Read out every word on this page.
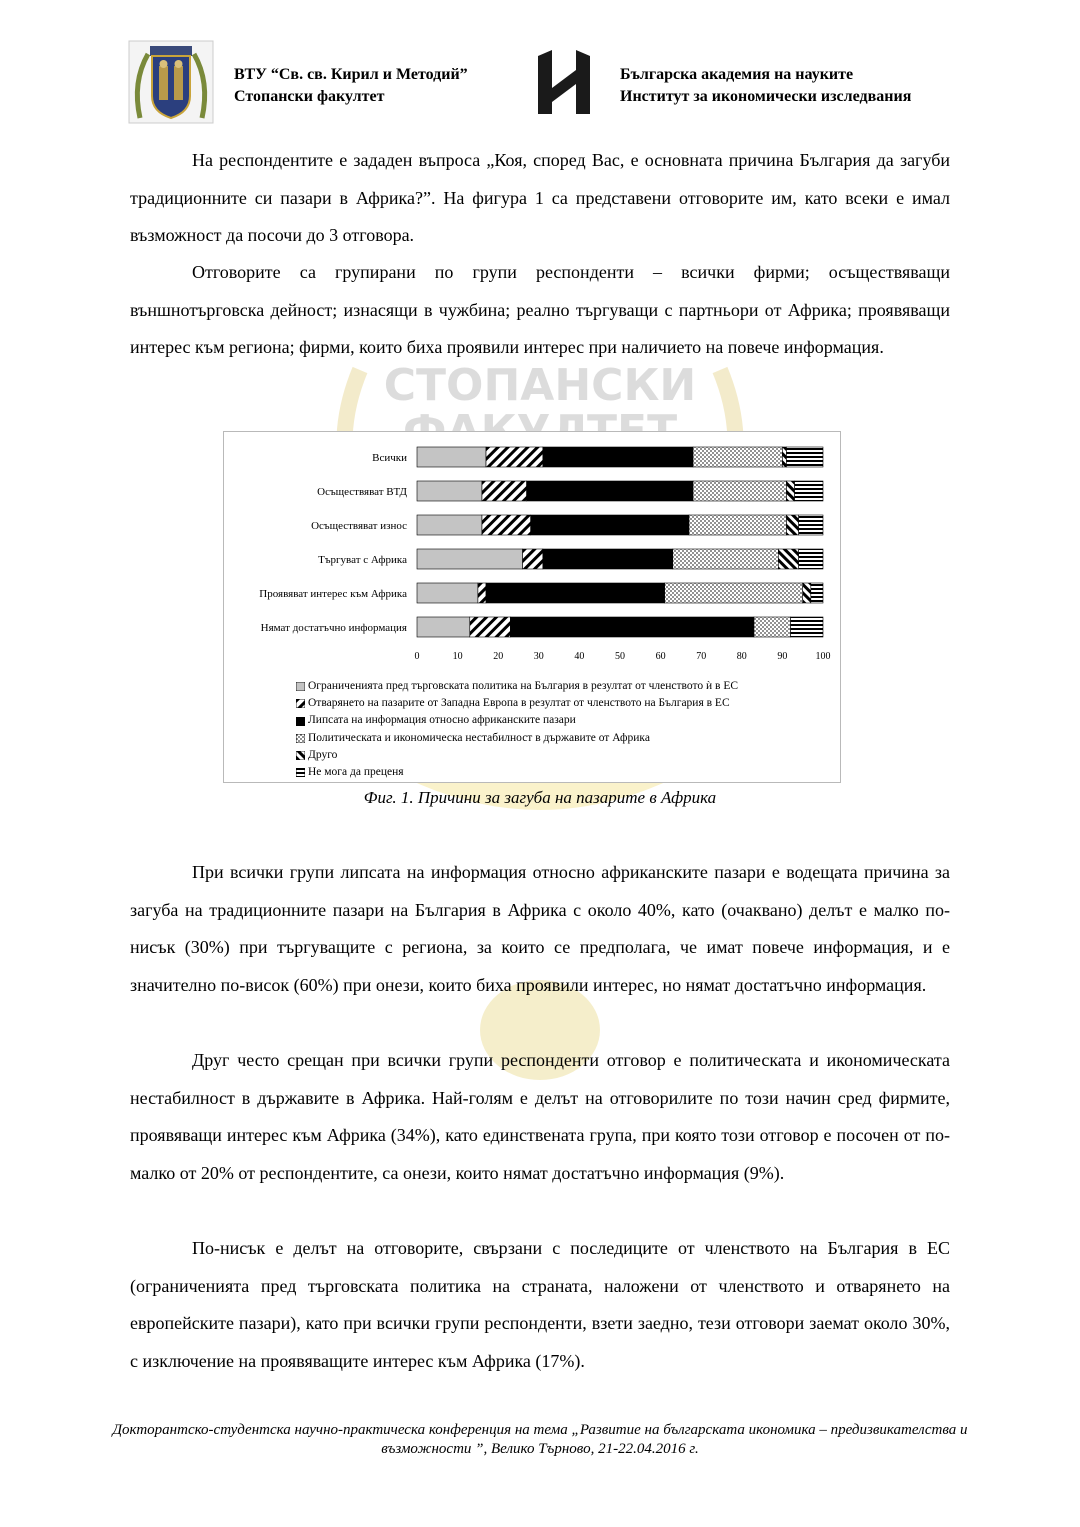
ВТУ “Св. св. Кирил и Методий”
Стопански факултет
Българска академия на науките
Институт за икономически изследвания
СТОПАНСКИ

На респондентите е зададен въпроса „Коя, според Вас, е основната причина България да загуби традиционните си пазари в Африка?”. На фигура 1 са представени отговорите им, като всеки е имал възможност да посочи до 3 отговора.

Отговорите са групирани по групи респонденти – всички фирми; осъществяващи външнотърговска дейност; изнасящи в чужбина; реално търгуващи с партньори от Африка; проявяващи интерес към региона; фирми, които биха проявили интерес при наличието на повече информация.

Всички
Осъществяват ВТД
Осъществяват износ
Търгуват с Африка
Проявяват интерес към Африка
Нямат достатъчно информация
0	10	20	30	40	50	60	70	80	90	100
Ограниченията пред търговската политика на България в резултат от членството ѝ в ЕС
Отварянето на пазарите от Западна Европа в резултат от членството на България в ЕС
Липсата на информация относно африканските пазари
Политическата и икономическа нестабилност в държавите от Африка
Друго
Не мога да преценя
Фиг. 1. Причини за загуба на пазарите в Африка

При всички групи липсата на информация относно африканските пазари е водещата причина за загуба на традиционните пазари на България в Африка с около 40%, като (очаквано) делът е малко по-нисък (30%) при търгуващите с региона, за които се предполага, че имат повече информация, и е значително по-висок (60%) при онези, които биха проявили интерес, но нямат достатъчно информация.

Друг често срещан при всички групи респонденти отговор е политическата и икономическата нестабилност в държавите в Африка. Най-голям е делът на отговорилите по този начин сред фирмите, проявяващи интерес към Африка (34%), като единствената група, при която този отговор е посочен от по-малко от 20% от респондентите, са онези, които нямат достатъчно информация (9%).

По-нисък е делът на отговорите, свързани с последиците от членството на България в ЕС (ограниченията пред търговската политика на страната, наложени от членството и отварянето на европейските пазари), като при всички групи респонденти, взети заедно, тези отговори заемат около 30%, с изключение на проявяващите интерес към Африка (17%).

Докторантско-студентска научно-практическа конференция на тема „Развитие на българската икономика – предизвикателства и възможности ”, Велико Търново, 21-22.04.2016 г.
